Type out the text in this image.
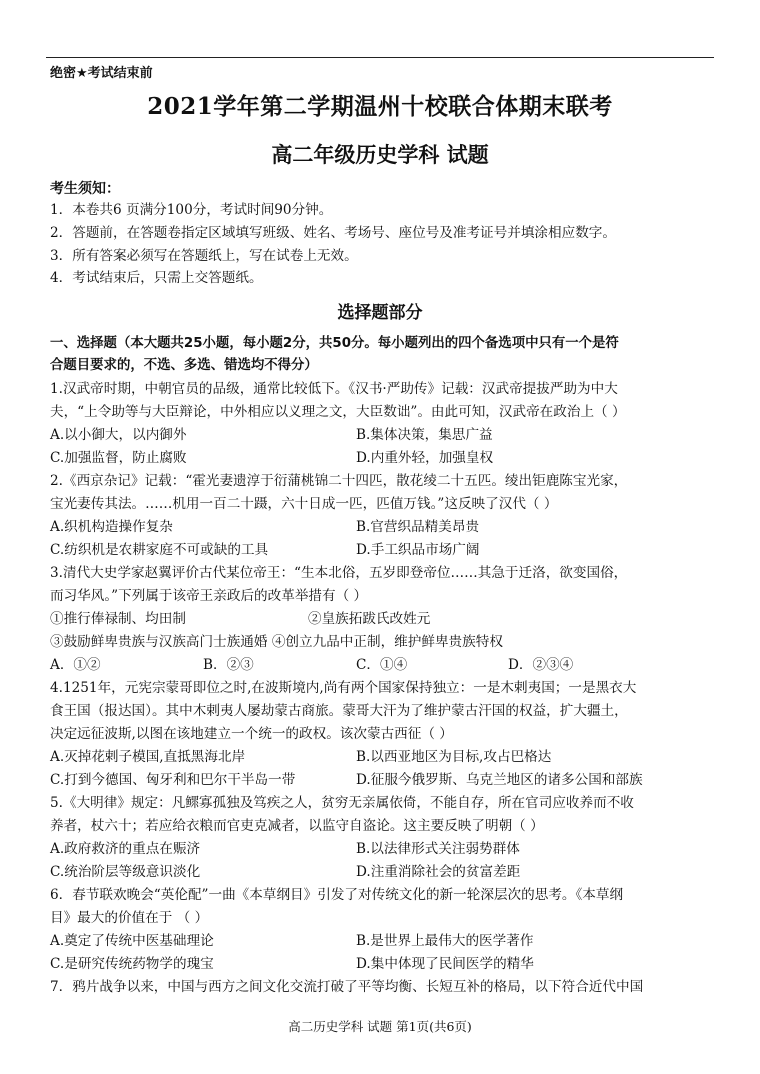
绝密★考试结束前
2021学年第二学期温州十校联合体期末联考
高二年级历史学科 试题
考生须知：
1．本卷共6 页满分100分，考试时间90分钟。
2．答题前，在答题卷指定区域填写班级、姓名、考场号、座位号及准考证号并填涂相应数字。
3．所有答案必须写在答题纸上，写在试卷上无效。
4．考试结束后，只需上交答题纸。
选择题部分
一、选择题（本大题共25小题，每小题2分，共50分。每小题列出的四个备选项中只有一个是符
合题目要求的，不选、多选、错选均不得分）
1.汉武帝时期，中朝官员的品级，通常比较低下。《汉书·严助传》记载：汉武帝提拔严助为中大
夫，“上令助等与大臣辩论，中外相应以义理之文，大臣数诎”。由此可知，汉武帝在政治上（ ）
A.以小御大，以内御外	B.集体决策，集思广益
C.加强监督，防止腐败	D.内重外轻，加强皇权
2.《西京杂记》记载：“霍光妻遗淳于衍蒲桃锦二十四匹，散花绫二十五匹。绫出钜鹿陈宝光家，
宝光妻传其法。……机用一百二十蹑，六十日成一匹，匹值万钱。”这反映了汉代（ ）
A.织机构造操作复杂	B.官营织品精美昂贵
C.纺织机是农耕家庭不可或缺的工具	D.手工织品市场广阔
3.清代大史学家赵翼评价古代某位帝王：“生本北俗，五岁即登帝位……其急于迁洛，欲变国俗，
而习华风。”下列属于该帝王亲政后的改革举措有（ ）
①推行俸禄制、均田制	②皇族拓跋氏改姓元
③鼓励鲜卑贵族与汉族高门士族通婚 ④创立九品中正制，维护鲜卑贵族特权
A．①②	B．②③	C．①④	D．②③④
4.1251年，元宪宗蒙哥即位之时,在波斯境内,尚有两个国家保持独立：一是木剌夷国；一是黑衣大
食王国（报达国）。其中木剌夷人屡劫蒙古商旅。蒙哥大汗为了维护蒙古汗国的权益，扩大疆土，
决定远征波斯,以图在该地建立一个统一的政权。该次蒙古西征（ ）
A.灭掉花剌子模国,直抵黑海北岸	B.以西亚地区为目标,攻占巴格达
C.打到今德国、匈牙利和巴尔干半岛一带	D.征服今俄罗斯、乌克兰地区的诸多公国和部族
5.《大明律》规定：凡鳏寡孤独及笃疾之人，贫穷无亲属依倚，不能自存，所在官司应收养而不收
养者，杖六十；若应给衣粮而官吏克减者，以监守自盗论。这主要反映了明朝（ ）
A.政府救济的重点在赈济	B.以法律形式关注弱势群体
C.统治阶层等级意识淡化	D.注重消除社会的贫富差距
6．春节联欢晚会“英伦配”一曲《本草纲目》引发了对传统文化的新一轮深层次的思考。《本草纲
目》最大的价值在于 （ ）
A.奠定了传统中医基础理论	B.是世界上最伟大的医学著作
C.是研究传统药物学的瑰宝	D.集中体现了民间医学的精华
7．鸦片战争以来，中国与西方之间文化交流打破了平等均衡、长短互补的格局，以下符合近代中国
高二历史学科 试题 第1页(共6页)
